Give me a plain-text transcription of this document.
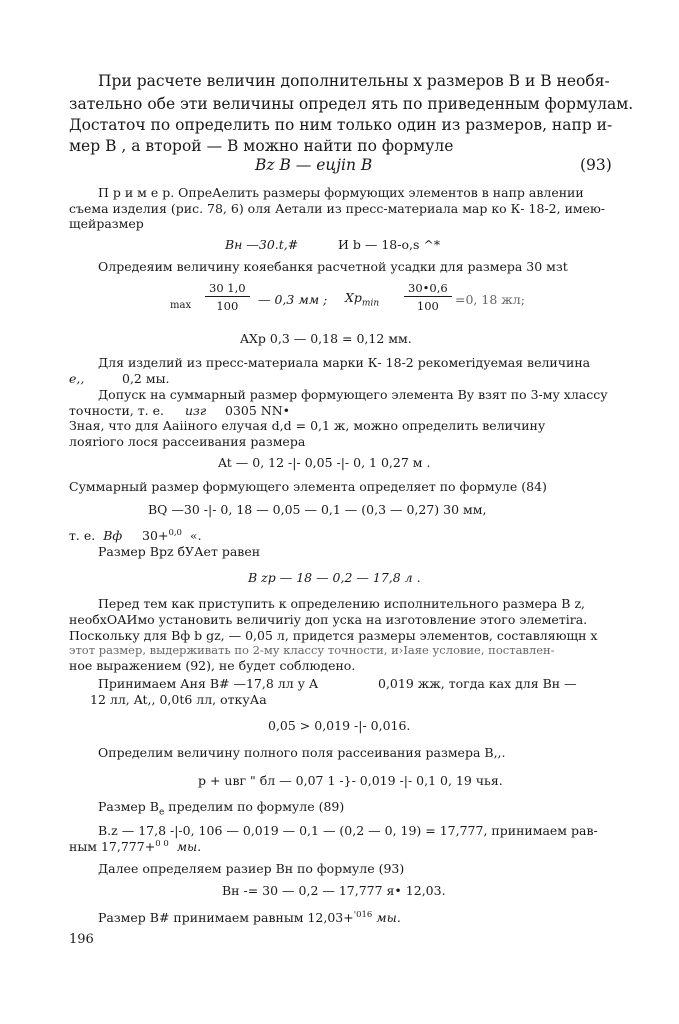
При расчете величин дополнительны х размеров B и B необя-
зательно обе эти величины определ ять по приведенным формулам.
Достаточ по определить по ним только один из размеров, напр и-
мер B , а второй — B можно найти по формуле
Bz B — ецjiп B	(93)
П р и м е р. ОпреАелить размеры формующих элементов в напр авлении
съема изделия (рис. 78, 6) оля Аетали из пресс-материала мар ко К- 18-2, имею-
щейразмер
Вн —30.t,#	И b — 18-o,s ^*
Олредеяим величину кояебанкя расчетной усадки для размера 30 мзt
$\max \frac{30 1,0}{100}$ — 0,3 мм ; $Xp_{min} \frac{30•0,6}{100} =0$, 18 жл;
AXp 0,3 — 0,18 = 0,12 мм.
Для изделий из пресс-материала марки К- 18-2 рекомеrідуемая величина
e,,	0,2 мы.
Допуск на суммарный размер формующего элемента Ву взят по 3-му хлассу
точности, т. е. изг 0305 NN•
Зная, что для Аaiiного елучая d,d = 0,1 ж, можно определить величину
лояrіого лося рассеивания размера
At — 0, 12 -|- 0,05 -|- 0, 1 0,27 м .
Суммарный размер формующего элемента определяет по формуле (84)
BQ —30 -|- 0, 18 — 0,05 — 0,1 — (0,3 — 0,27) 30 мм,
т. е. Вф 30+$^{0,0}$ «.
Размер Bpz бУАет равен
B zp — 18 — 0,2 — 17,8 л .
Перед тем как приступить к определению исполнительного размера В z,
необхОАИмо установить величиrіу доп уска на изготовление этого элеметіrа.
Поскольку для Вф b gz, — 0,05 л, придется размеры элементов, составляющн х
этот размер, выдерживать по 2-му классу точности, и›Іаяе условие, поставлен-
ное выражением (92), не будет соблюдено.
Принимаем Аня B# —17,8 лл у A	0,019 жж, тогда ках для Вн —
12 лл, At,, 0,0t6 лл, откуАа
0,05 > 0,019 -|- 0,016.
Определим величину полного поля рассеивания размера B,,.
р + uвг " бл — 0,07 1 -}- 0,019 -|- 0,1 0, 19 чья.
Размер $В_е$ пределим по формуле (89)
B.z — 17,8 -|-0, 106 — 0,019 — 0,1 — (0,2 — 0, 19) = 17,777, принимаем рав-
ным 17,777+$^{0 0}$ мы.
Далее определяем разиер Вн по формуле (93)
Вн -= 30 — 0,2 — 17,777 я• 12,03.
Размер B# принимаем равным 12,03+$^{'016}$ мы.
196
